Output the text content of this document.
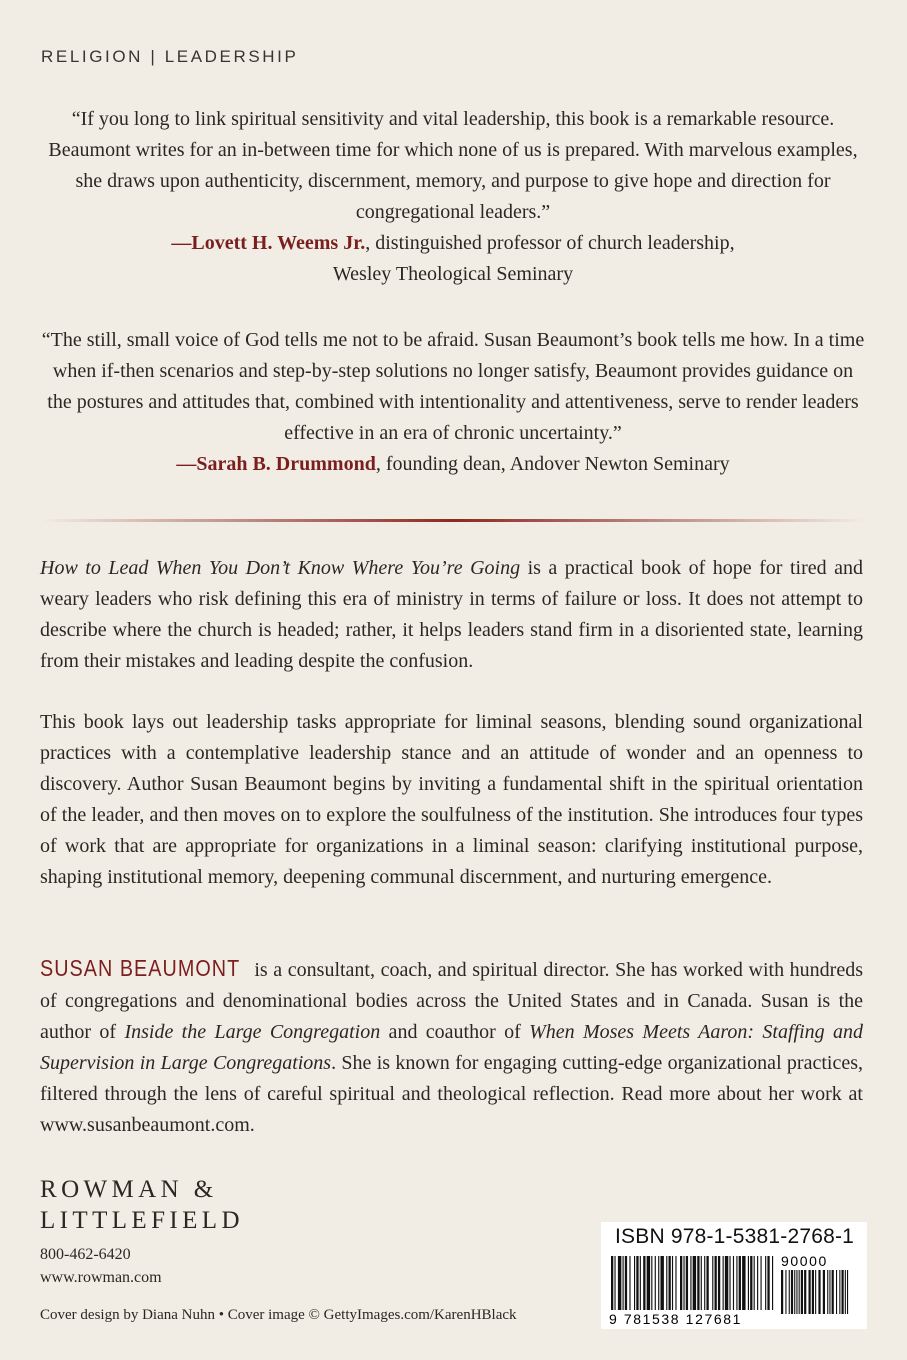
RELIGION | LEADERSHIP

“If you long to link spiritual sensitivity and vital leadership, this book is a remarkable resource. Beaumont writes for an in-between time for which none of us is prepared. With marvelous examples, she draws upon authenticity, discernment, memory, and purpose to give hope and direction for congregational leaders.”

—Lovett H. Weems Jr., distinguished professor of church leadership,
Wesley Theological Seminary

“The still, small voice of God tells me not to be afraid. Susan Beaumont’s book tells me how. In a time when if-then scenarios and step-by-step solutions no longer satisfy, Beaumont provides guidance on the postures and attitudes that, combined with intentionality and attentiveness, serve to render leaders effective in an era of chronic uncertainty.”

—Sarah B. Drummond, founding dean, Andover Newton Seminary

How to Lead When You Don’t Know Where You’re Going is a practical book of hope for tired and weary leaders who risk defining this era of ministry in terms of failure or loss. It does not attempt to describe where the church is headed; rather, it helps leaders stand firm in a disoriented state, learning from their mistakes and leading despite the confusion.

This book lays out leadership tasks appropriate for liminal seasons, blending sound organizational practices with a contemplative leadership stance and an attitude of wonder and an openness to discovery. Author Susan Beaumont begins by inviting a fundamental shift in the spiritual orientation of the leader, and then moves on to explore the soulfulness of the institution. She introduces four types of work that are appropriate for organizations in a liminal season: clarifying institutional purpose, shaping institutional memory, deepening communal discernment, and nurturing emergence.

SUSAN BEAUMONT is a consultant, coach, and spiritual director. She has worked with hundreds of congregations and denominational bodies across the United States and in Canada. Susan is the author of Inside the Large Congregation and coauthor of When Moses Meets Aaron: Staffing and Supervision in Large Congregations. She is known for engaging cutting-edge organizational practices, filtered through the lens of careful spiritual and theological reflection. Read more about her work at www.susanbeaumont.com.

ROWMAN &
LITTLEFIELD
800-462-6420
www.rowman.com
Cover design by Diana Nuhn • Cover image © GettyImages.com/KarenHBlack
ISBN 978-1-5381-2768-1
90000
9 781538 127681
